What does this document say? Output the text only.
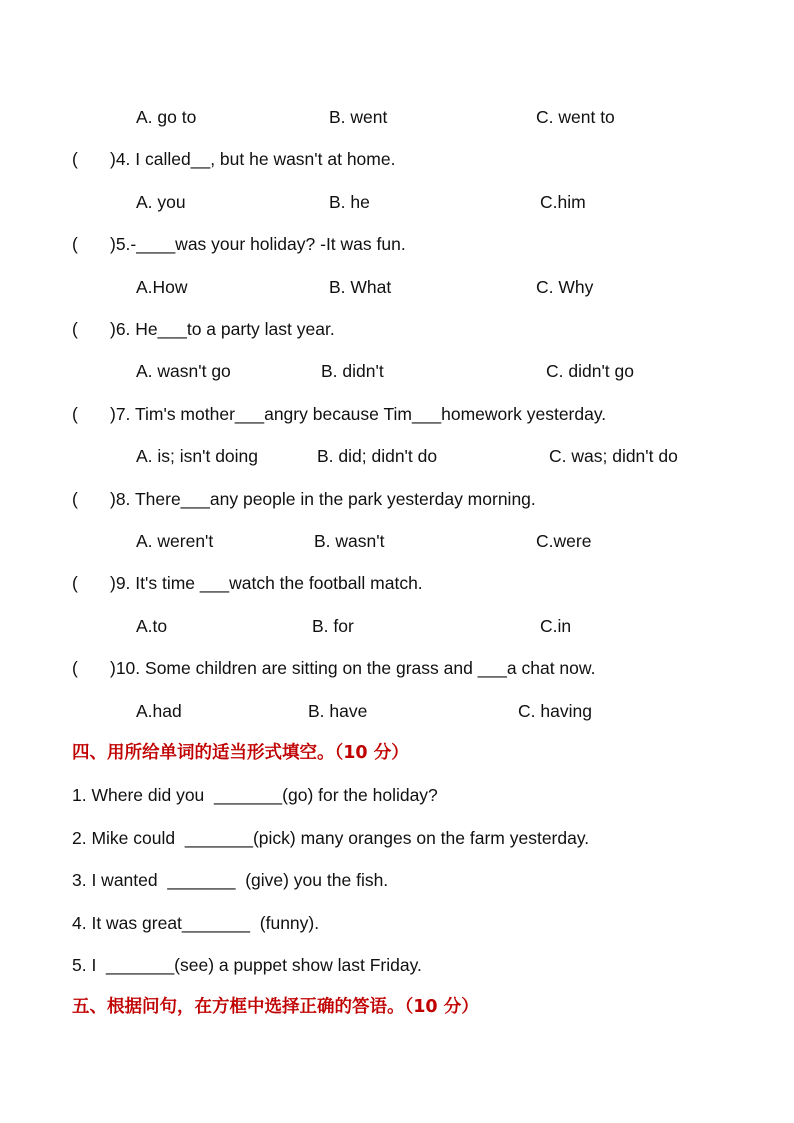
A. go to	B. went	C. went to
( )4. I called__, but he wasn't at home.
A. you	B. he	C.him
( )5.-____was your holiday? -It was fun.
A.How	B. What	C. Why
( )6. He___to a party last year.
A. wasn't go	B. didn't	C. didn't go
( )7. Tim's mother___angry because Tim___homework yesterday.
A. is; isn't doing	B. did; didn't do	C. was; didn't do
( )8. There___any people in the park yesterday morning.
A. weren't	B. wasn't	C.were
( )9. It's time ___watch the football match.
A.to	B. for	C.in
( )10. Some children are sitting on the grass and ___a chat now.
A.had	B. have	C. having
四、用所给单词的适当形式填空。（10 分）
1. Where did you  _______(go) for the holiday?
2. Mike could  _______(pick) many oranges on the farm yesterday.
3. I wanted  _______  (give) you the fish.
4. It was great_______  (funny).
5. I  _______(see) a puppet show last Friday.
五、根据问句，在方框中选择正确的答语。（10 分）
